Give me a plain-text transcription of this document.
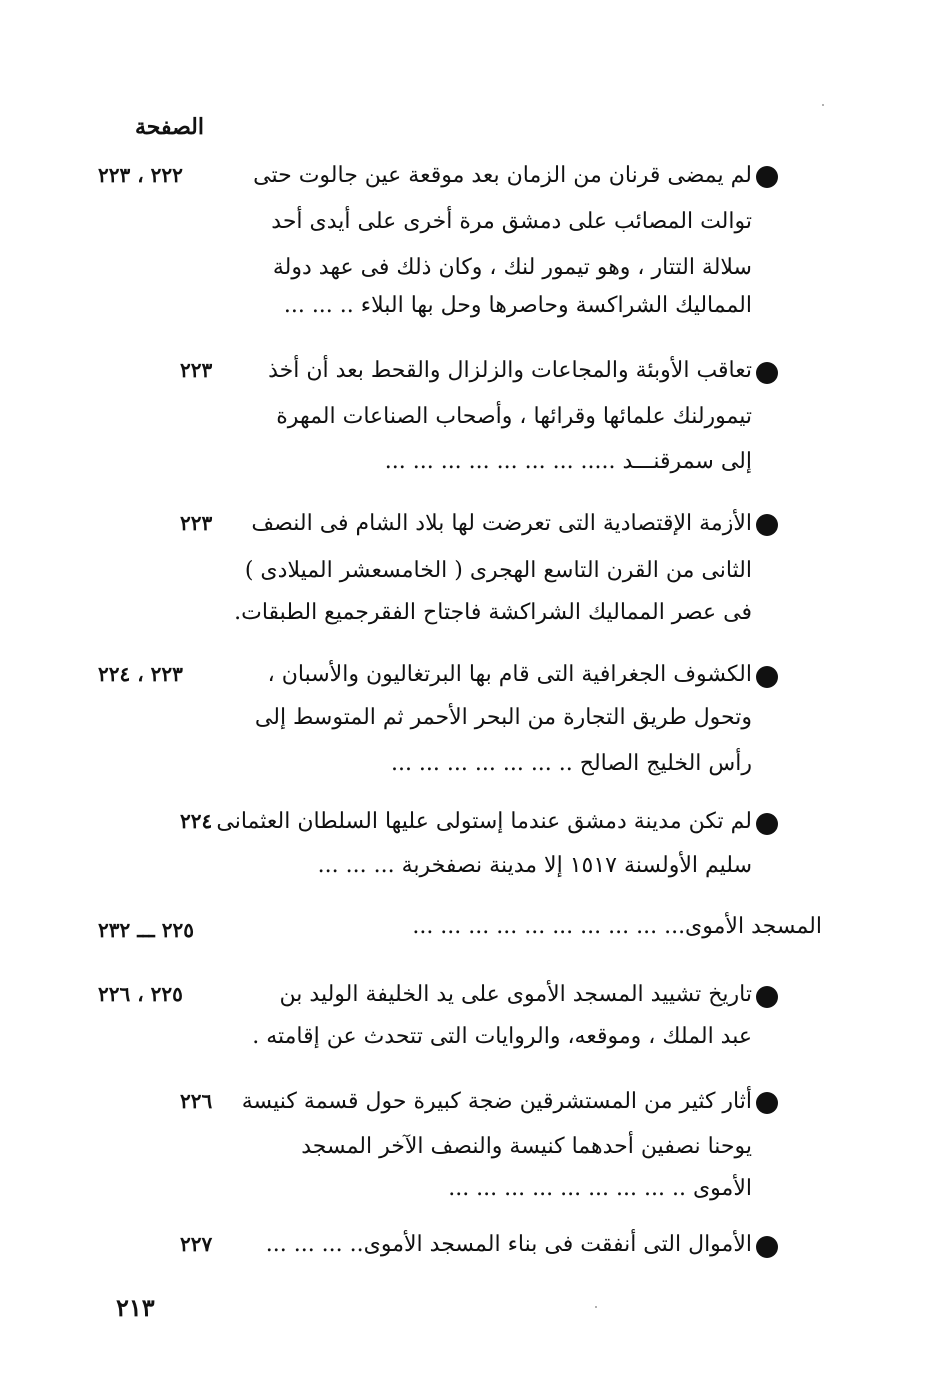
الصفحة
لم يمضى قرنان من الزمان بعد موقعة عين جالوت حتى
توالت المصائب على دمشق مرة أخرى على أيدى أحد
سلالة التتار ، وهو تيمور لنك ، وكان ذلك فى عهد دولة
المماليك الشراكسة وحاصرها وحل بها البلاء .. ... ...
٢٢٢ ، ٢٢٣
تعاقب الأوبئة والمجاعات والزلزال والقحط بعد أن أخذ
تيمورلنك علمائها وقرائها ، وأصحاب الصناعات المهرة
إلى سمرقنـــد ..... ... ... ... ... ... ... ...
٢٢٣
الأزمة الإقتصادية التى تعرضت لها بلاد الشام فى النصف
الثانى من القرن التاسع الهجرى ( الخامسعشر الميلادى )
فى عصر المماليك الشراكشة فاجتاح الفقرجميع الطبقات.
٢٢٣
الكشوف الجغرافية التى قام بها البرتغاليون والأسبان ،
وتحول طريق التجارة من البحر الأحمر ثم المتوسط إلى
رأس الخليج الصالح .. ... ... ... ... ... ...
٢٢٣ ، ٢٢٤
لم تكن مدينة دمشق عندما إستولى عليها السلطان العثمانى
سليم الأولسنة ١٥١٧ إلا مدينة نصفخربة ... ... ...
٢٢٤
المسجد الأموى... ... ... ... ... ... ... ... ... ...
٢٢٥ ـــ ٢٣٢
تاريخ تشييد المسجد الأموى على يد الخليفة الوليد بن
عبد الملك ، وموقعه، والروايات التى تتحدث عن إقامته .
٢٢٥ ، ٢٢٦
أثار كثير من المستشرقين ضجة كبيرة حول قسمة كنيسة
يوحنا نصفين أحدهما كنيسة والنصف الآخر المسجد
الأموى .. ... ... ... ... ... ... ... ...
٢٢٦
الأموال التى أنفقت فى بناء المسجد الأموى.. ... ... ...
٢٢٧
٢١٣
